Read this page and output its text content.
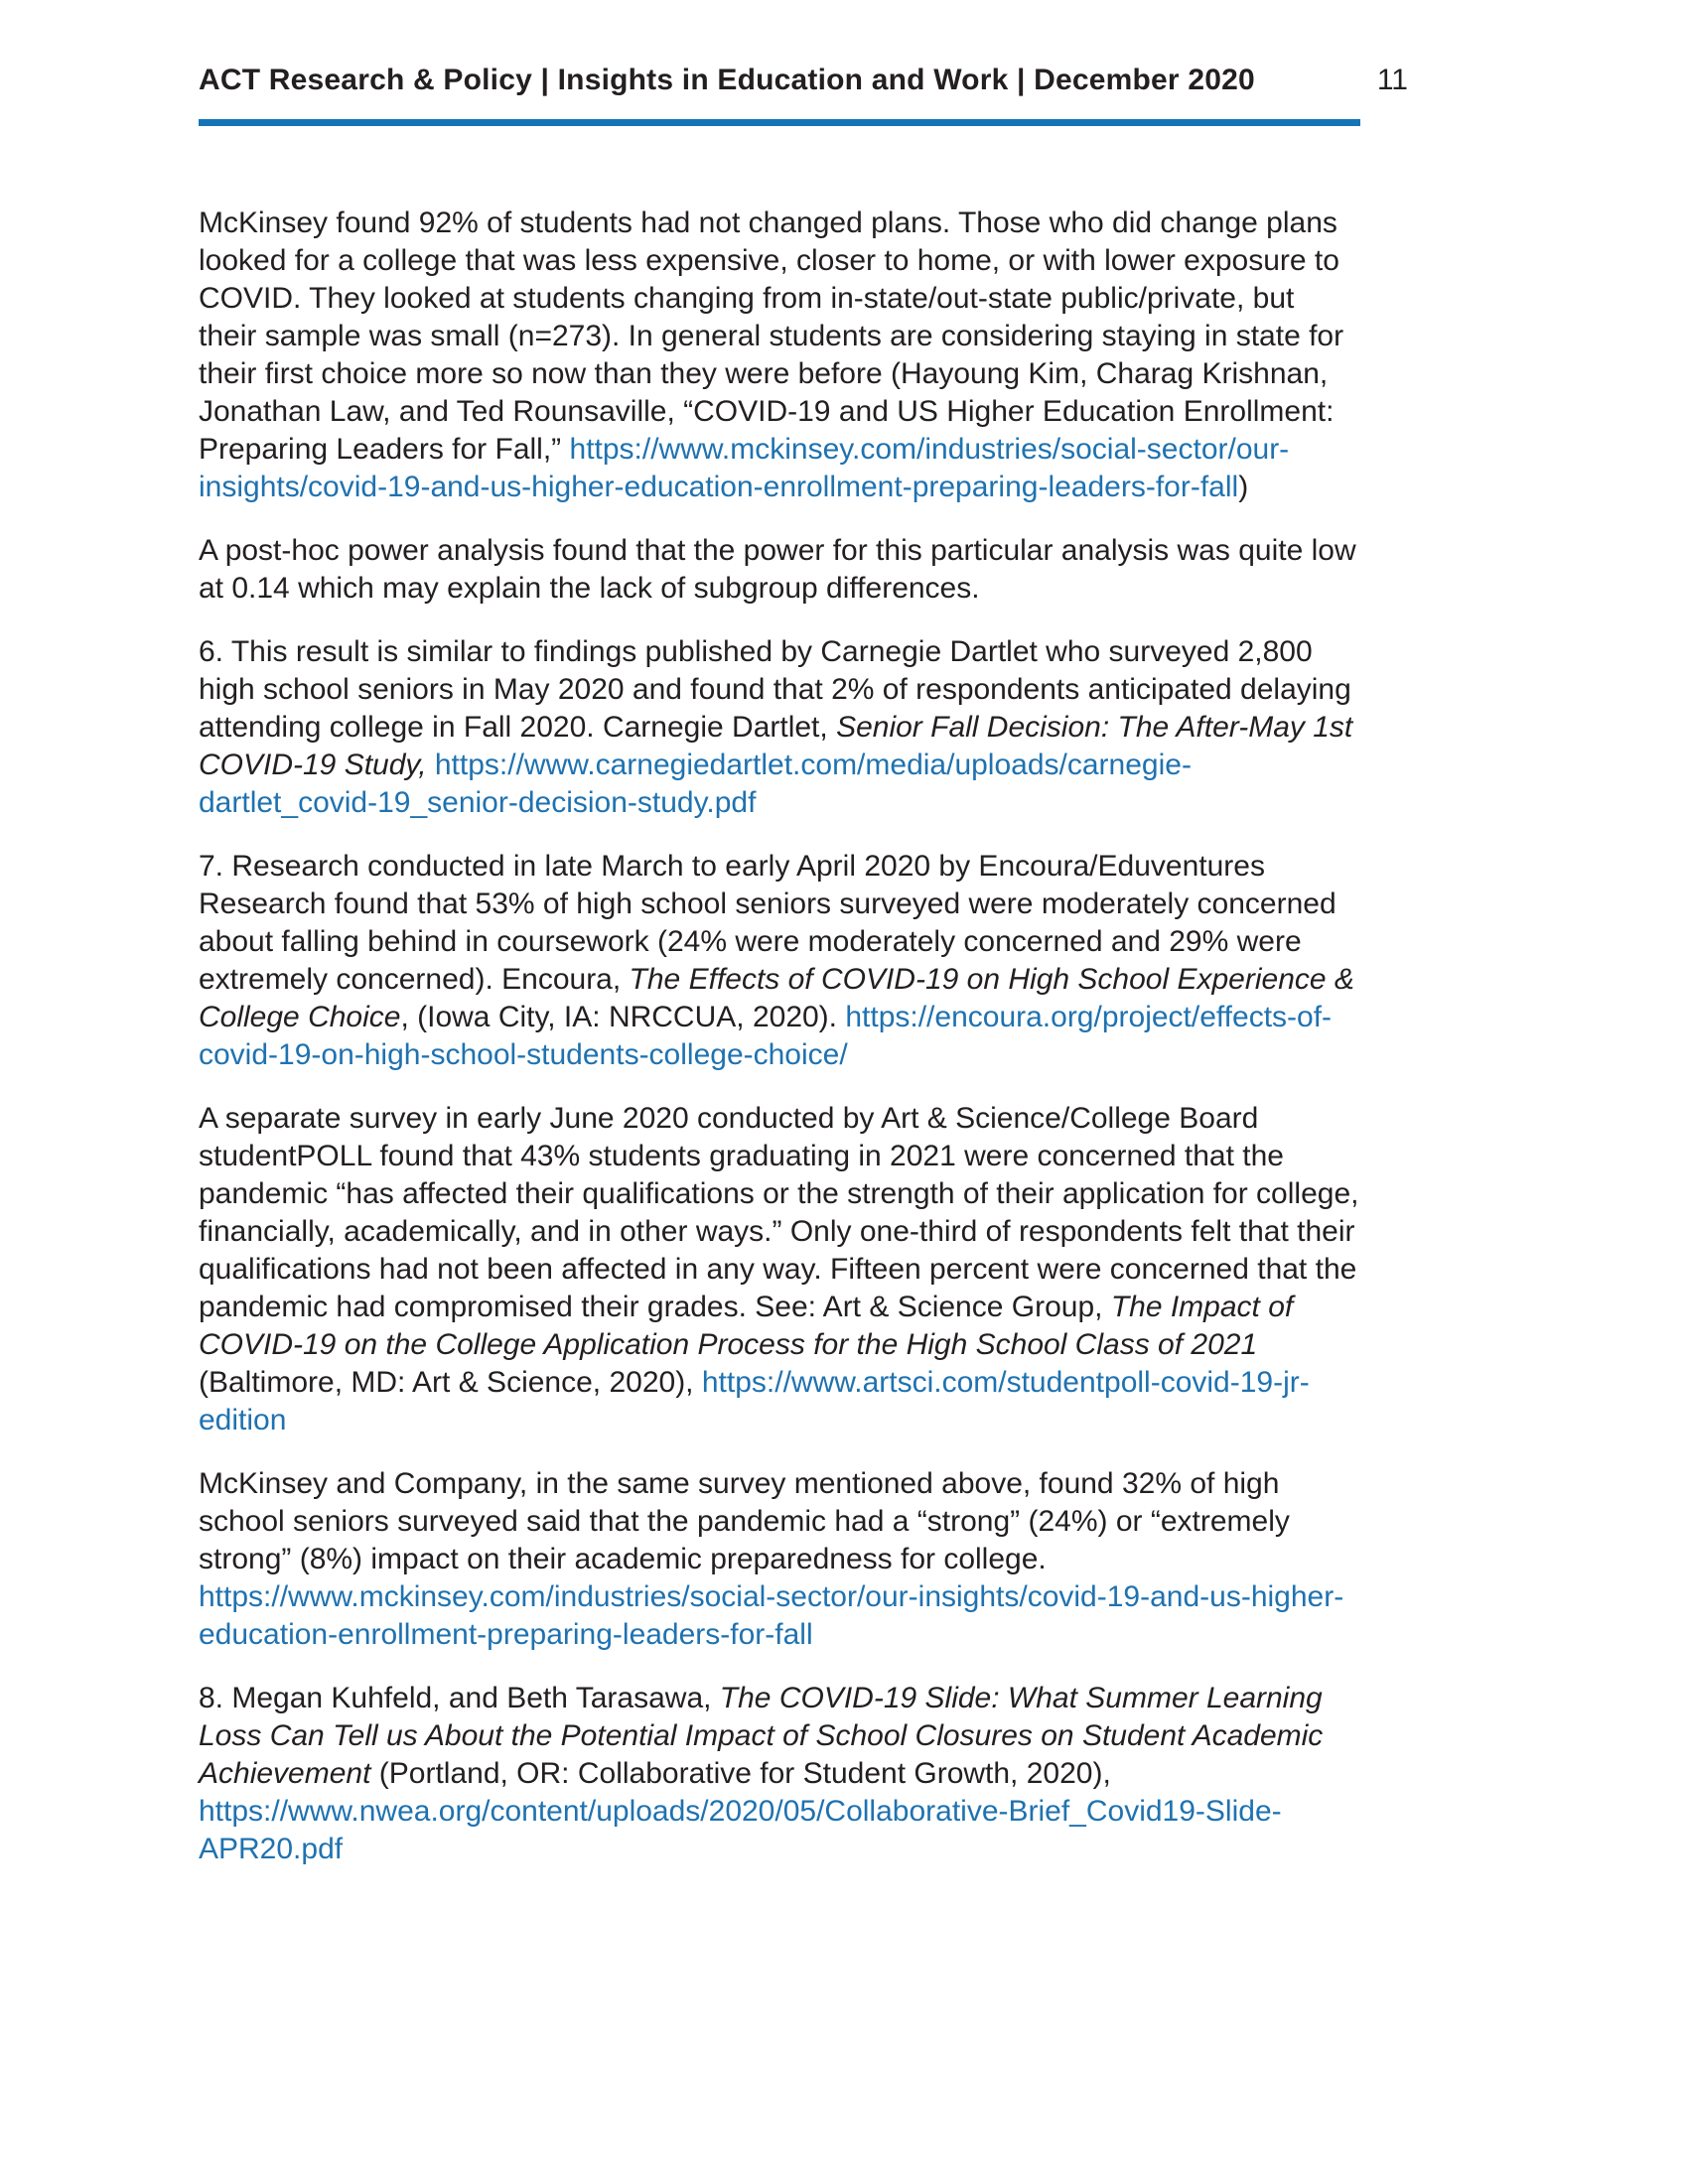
ACT Research & Policy | Insights in Education and Work | December 2020	11

McKinsey found 92% of students had not changed plans. Those who did change plans looked for a college that was less expensive, closer to home, or with lower exposure to COVID. They looked at students changing from in-state/out-state public/private, but their sample was small (n=273). In general students are considering staying in state for their first choice more so now than they were before (Hayoung Kim, Charag Krishnan, Jonathan Law, and Ted Rounsaville, “COVID-19 and US Higher Education Enrollment: Preparing Leaders for Fall,” https://www.mckinsey.com/industries/social-sector/our-insights/covid-19-and-us-higher-education-enrollment-preparing-leaders-for-fall)

A post-hoc power analysis found that the power for this particular analysis was quite low at 0.14 which may explain the lack of subgroup differences.

6. This result is similar to findings published by Carnegie Dartlet who surveyed 2,800 high school seniors in May 2020 and found that 2% of respondents anticipated delaying attending college in Fall 2020. Carnegie Dartlet, Senior Fall Decision: The After-May 1st COVID-19 Study, https://www.carnegiedartlet.com/media/uploads/carnegie-dartlet_covid-19_senior-decision-study.pdf

7. Research conducted in late March to early April 2020 by Encoura/Eduventures Research found that 53% of high school seniors surveyed were moderately concerned about falling behind in coursework (24% were moderately concerned and 29% were extremely concerned). Encoura, The Effects of COVID-19 on High School Experience & College Choice, (Iowa City, IA: NRCCUA, 2020). https://encoura.org/project/effects-of-covid-19-on-high-school-students-college-choice/

A separate survey in early June 2020 conducted by Art & Science/College Board studentPOLL found that 43% students graduating in 2021 were concerned that the pandemic “has affected their qualifications or the strength of their application for college, financially, academically, and in other ways.” Only one-third of respondents felt that their qualifications had not been affected in any way. Fifteen percent were concerned that the pandemic had compromised their grades. See: Art & Science Group, The Impact of COVID-19 on the College Application Process for the High School Class of 2021 (Baltimore, MD: Art & Science, 2020), https://www.artsci.com/studentpoll-covid-19-jr-edition

McKinsey and Company, in the same survey mentioned above, found 32% of high school seniors surveyed said that the pandemic had a “strong” (24%) or “extremely strong” (8%) impact on their academic preparedness for college. https://www.mckinsey.com/industries/social-sector/our-insights/covid-19-and-us-higher-education-enrollment-preparing-leaders-for-fall

8. Megan Kuhfeld, and Beth Tarasawa, The COVID-19 Slide: What Summer Learning Loss Can Tell us About the Potential Impact of School Closures on Student Academic Achievement (Portland, OR: Collaborative for Student Growth, 2020), https://www.nwea.org/content/uploads/2020/05/Collaborative-Brief_Covid19-Slide-APR20.pdf
